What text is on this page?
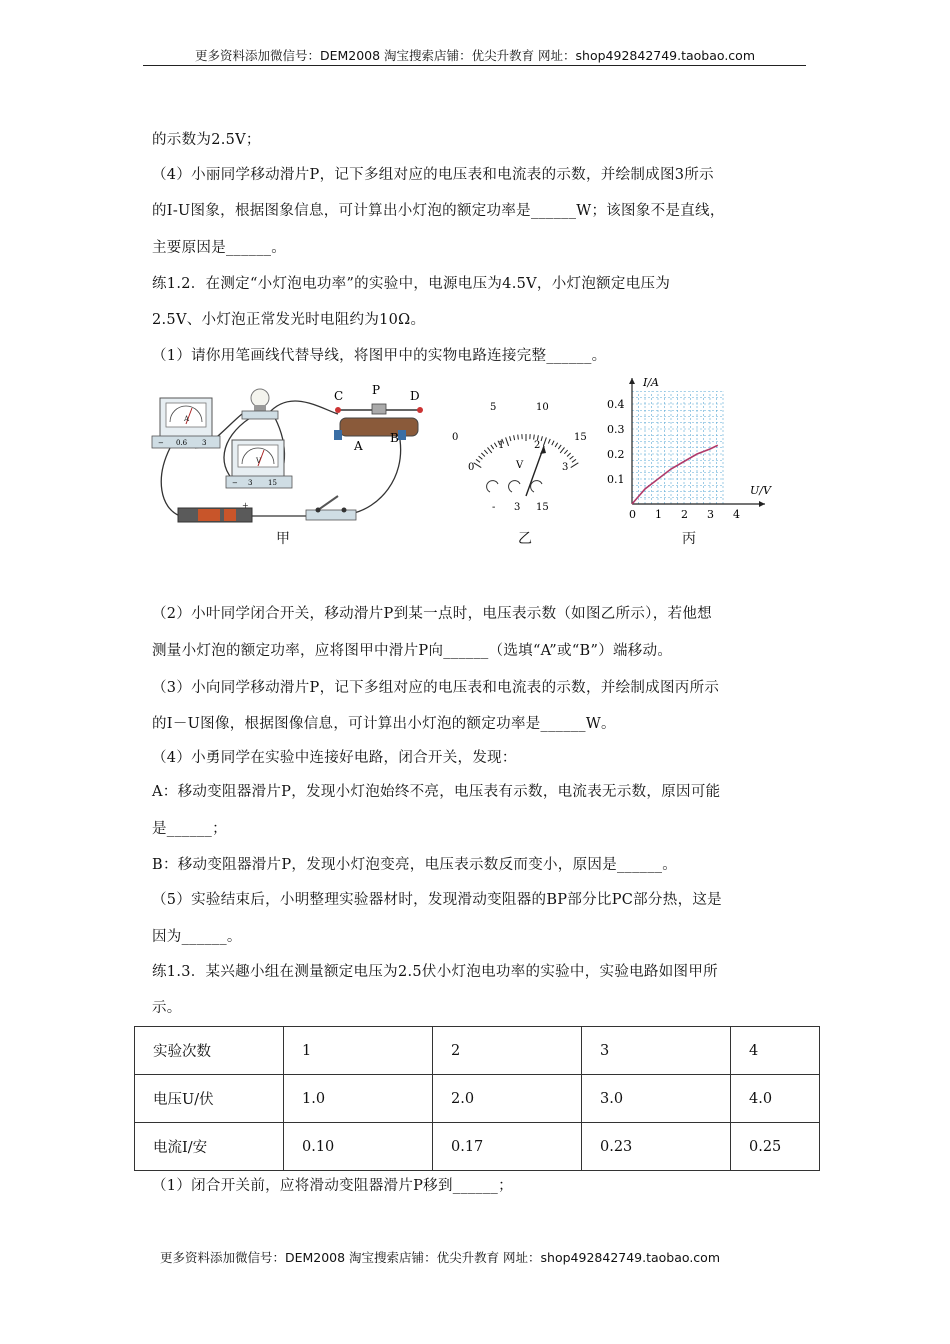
更多资料添加微信号：DEM2008 淘宝搜索店铺：优尖升教育 网址：shop492842749.taobao.com
的示数为2.5V；
（4）小丽同学移动滑片P，记下多组对应的电压表和电流表的示数，并绘制成图3所示
的I-U图象，根据图象信息，可计算出小灯泡的额定功率是______W；该图象不是直线，
主要原因是______。
练1.2．在测定“小灯泡电功率”的实验中，电源电压为4.5V，小灯泡额定电压为
2.5V、小灯泡正常发光时电阻约为10Ω。
（1）请你用笔画线代替导线，将图甲中的实物电路连接完整______。
A
− 0.6 3
V
− 3 15
C P D
A
B
+
甲
0
5	10
15
0
1	2
3
V
- 3 15
乙
I/A
U/V
0 1 2 3 4
0.1
0.2
0.3
0.4
丙
（2）小叶同学闭合开关，移动滑片P到某一点时，电压表示数（如图乙所示），若他想
测量小灯泡的额定功率，应将图甲中滑片P向______（选填“A”或“B”）端移动。
（3）小向同学移动滑片P，记下多组对应的电压表和电流表的示数，并绘制成图丙所示
的I－U图像，根据图像信息，可计算出小灯泡的额定功率是______W。
（4）小勇同学在实验中连接好电路，闭合开关，发现：
A：移动变阻器滑片P，发现小灯泡始终不亮，电压表有示数，电流表无示数，原因可能
是______；
B：移动变阻器滑片P，发现小灯泡变亮，电压表示数反而变小，原因是______。
（5）实验结束后，小明整理实验器材时，发现滑动变阻器的BP部分比PC部分热，这是
因为______。
练1.3．某兴趣小组在测量额定电压为2.5伏小灯泡电功率的实验中，实验电路如图甲所
示。
实验次数	1	2	3	4
电压U/伏	1.0	2.0	3.0	4.0
电流I/安	0.10	0.17	0.23	0.25
（1）闭合开关前，应将滑动变阻器滑片P移到______；
更多资料添加微信号：DEM2008 淘宝搜索店铺：优尖升教育 网址：shop492842749.taobao.com
